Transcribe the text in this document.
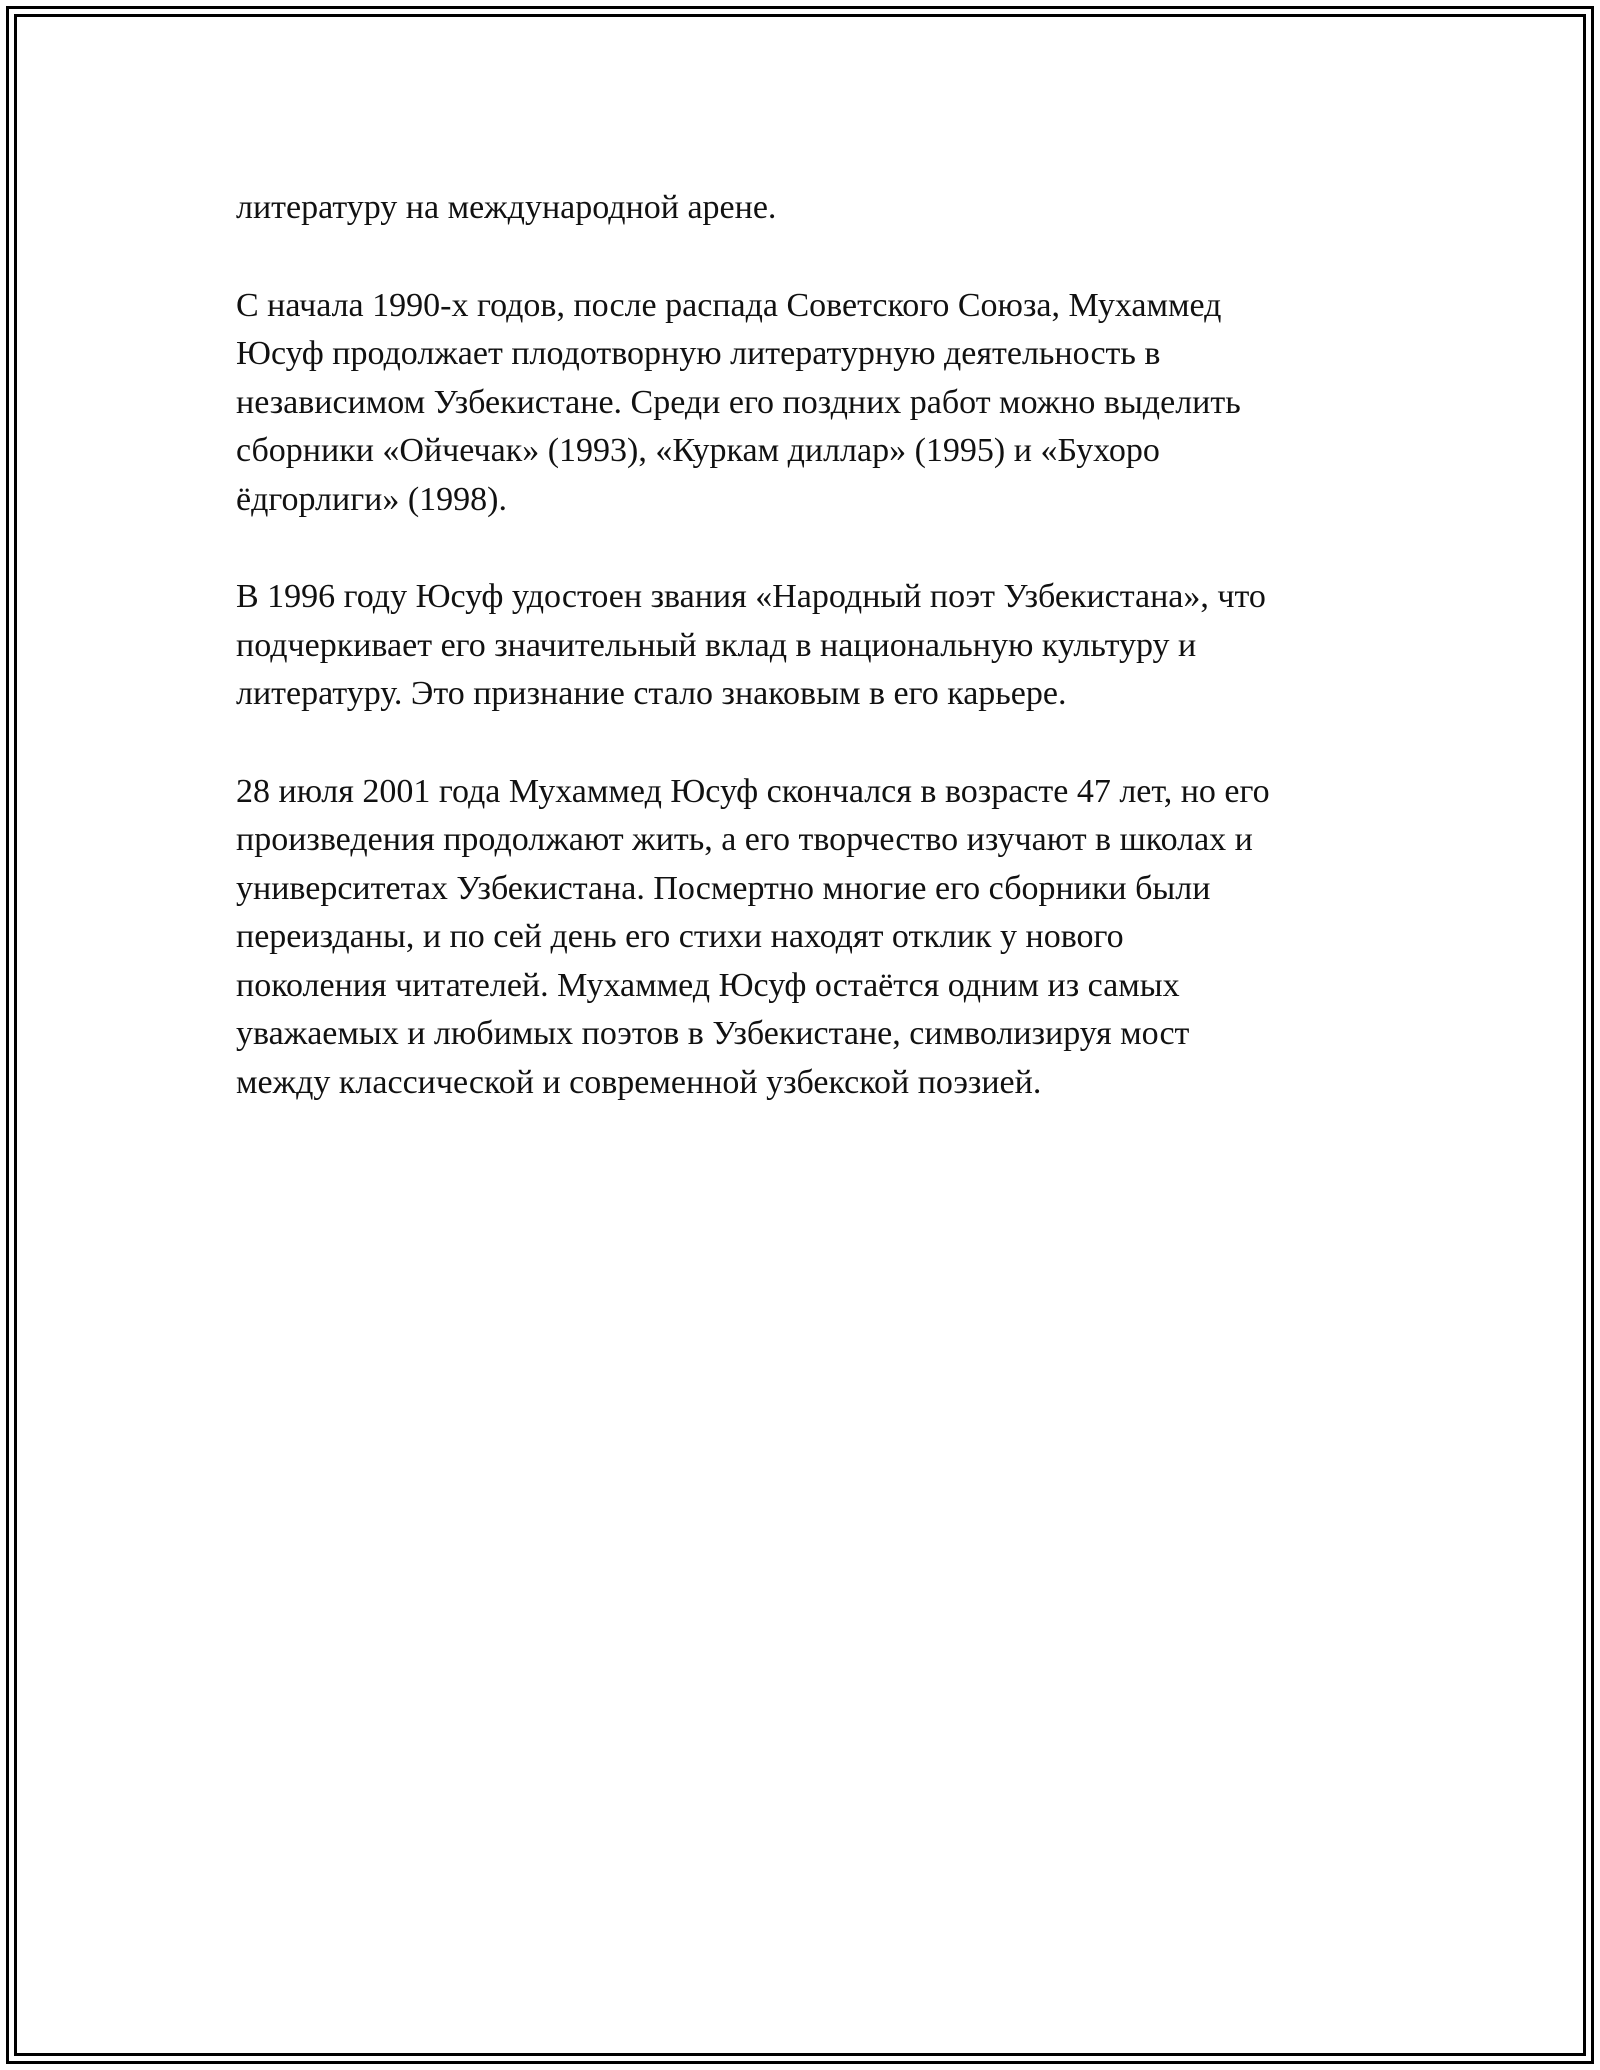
литературу на международной арене.

С начала 1990-х годов, после распада Советского Союза, Мухаммед
Юсуф продолжает плодотворную литературную деятельность в
независимом Узбекистане. Среди его поздних работ можно выделить
сборники «Ойчечак» (1993), «Куркам диллар» (1995) и «Бухоро
ёдгорлиги» (1998).

В 1996 году Юсуф удостоен звания «Народный поэт Узбекистана», что
подчеркивает его значительный вклад в национальную культуру и
литературу. Это признание стало знаковым в его карьере.

28 июля 2001 года Мухаммед Юсуф скончался в возрасте 47 лет, но его
произведения продолжают жить, а его творчество изучают в школах и
университетах Узбекистана. Посмертно многие его сборники были
переизданы, и по сей день его стихи находят отклик у нового
поколения читателей. Мухаммед Юсуф остаётся одним из самых
уважаемых и любимых поэтов в Узбекистане, символизируя мост
между классической и современной узбекской поэзией.
